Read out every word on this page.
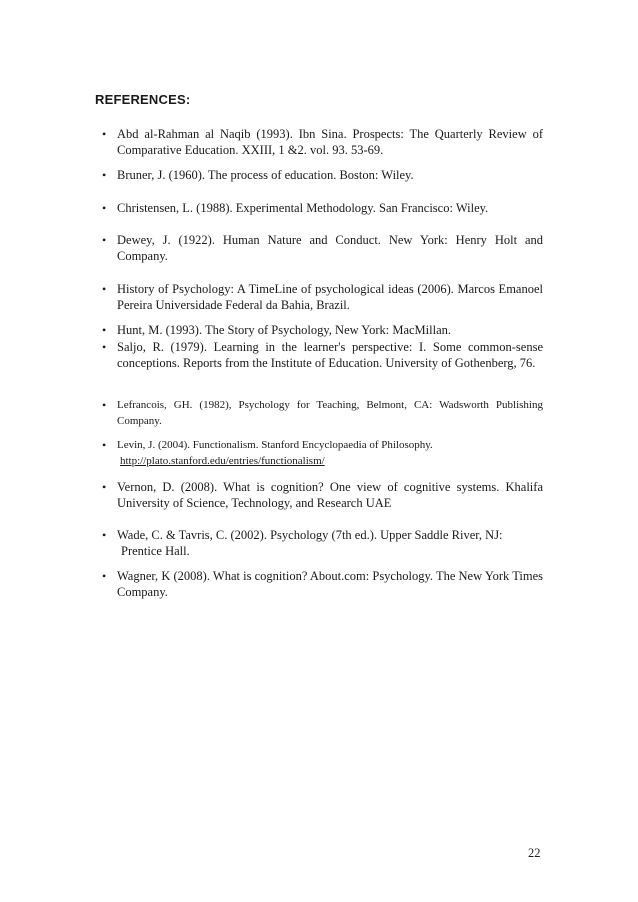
REFERENCES:
• Abd al-Rahman al Naqib (1993). Ibn Sina. Prospects: The Quarterly Review of Comparative Education. XXIII, 1 &2. vol. 93. 53-69.
• Bruner, J. (1960). The process of education. Boston: Wiley.
• Christensen, L. (1988). Experimental Methodology. San Francisco: Wiley.
• Dewey, J. (1922). Human Nature and Conduct. New York: Henry Holt and Company.
• History of Psychology: A TimeLine of psychological ideas (2006). Marcos Emanoel Pereira Universidade Federal da Bahia, Brazil.
• Hunt, M. (1993). The Story of Psychology, New York: MacMillan.
• Saljo, R. (1979). Learning in the learner's perspective: I. Some common-sense conceptions. Reports from the Institute of Education. University of Gothenberg, 76.
• Lefrancois, GH. (1982), Psychology for Teaching, Belmont, CA: Wadsworth Publishing Company.
• Levin, J. (2004). Functionalism. Stanford Encyclopaedia of Philosophy.
http://plato.stanford.edu/entries/functionalism/
• Vernon, D. (2008). What is cognition? One view of cognitive systems. Khalifa University of Science, Technology, and Research UAE
• Wade, C. & Tavris, C. (2002). Psychology (7th ed.). Upper Saddle River, NJ:
Prentice Hall.
• Wagner, K (2008). What is cognition? About.com: Psychology. The New York Times Company.
22
